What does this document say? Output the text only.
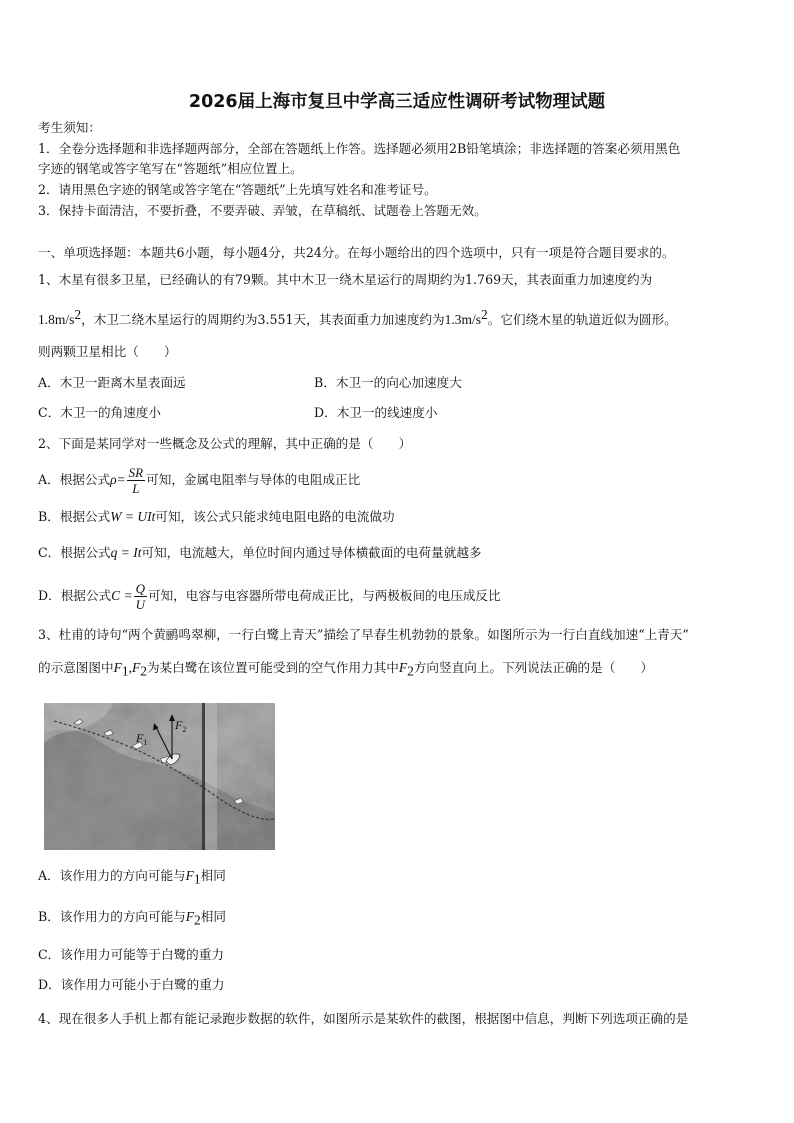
2026届上海市复旦中学高三适应性调研考试物理试题
考生须知：
1．全卷分选择题和非选择题两部分，全部在答题纸上作答。选择题必须用2B铅笔填涂；非选择题的答案必须用黑色
字迹的钢笔或答字笔写在“答题纸”相应位置上。
2．请用黑色字迹的钢笔或答字笔在“答题纸”上先填写姓名和准考证号。
3．保持卡面清洁，不要折叠，不要弄破、弄皱，在草稿纸、试题卷上答题无效。
一、单项选择题：本题共6小题，每小题4分，共24分。在每小题给出的四个选项中，只有一项是符合题目要求的。
1、木星有很多卫星，已经确认的有79颗。其中木卫一绕木星运行的周期约为1.769天，其表面重力加速度约为
$1.8m/s^2$，木卫二绕木星运行的周期约为3.551天，其表面重力加速度约为$1.3m/s^2$。它们绕木星的轨道近似为圆形。
则两颗卫星相比（　　）
A．木卫一距离木星表面远	B．木卫一的向心加速度大
C．木卫一的角速度小	D．木卫一的线速度小
2、下面是某同学对一些概念及公式的理解，其中正确的是（　　）
A．根据公式$\rho= \frac{SR}{L}$ 可知，金属电阻率与导体的电阻成正比
B．根据公式W = UIt可知，该公式只能求纯电阻电路的电流做功
C．根据公式q = It可知，电流越大，单位时间内通过导体横截面的电荷量就越多
D．根据公式$C = \frac{Q}{U}$ 可知，电容与电容器所带电荷成正比，与两极板间的电压成反比
3、杜甫的诗句“两个黄鹂鸣翠柳，一行白鹭上青天”描绘了早春生机勃勃的景象。如图所示为一行白直线加速“上青天”
的示意图图中$F_1,F_2$为某白鹭在该位置可能受到的空气作用力其中$F_2$方向竖直向上。下列说法正确的是（　　）
$F_2$
$F_1$
A．该作用力的方向可能与$F_1$相同
B．该作用力的方向可能与$F_2$相同
C．该作用力可能等于白鹭的重力
D．该作用力可能小于白鹭的重力
4、现在很多人手机上都有能记录跑步数据的软件，如图所示是某软件的截图，根据图中信息，判断下列选项正确的是
